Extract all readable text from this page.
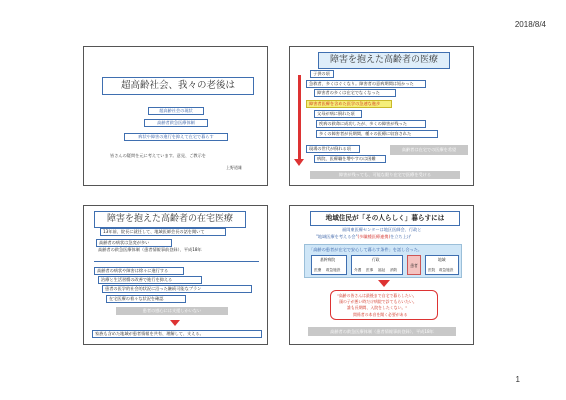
2018/8/4
超高齢社会、我々の老後は
超高齢社会の現状
高齢者救急医療体制
病状や障害の進行を抑えて在宅で暮らす
皆さんの疑問を元に考えています。意見、ご教示を
上野道雄
障害を抱えた高齢者の医療
子供の頃
急救者、多くはぐくなり。障害者の意病期間は短かった
障害者の多くは在宅でなくなった
障害者医療を含めた医学の急速な進歩
父母が病に倒れた頃
疾病の救命に成功したが、多くの障害が残った
多くの障害者が長期間、種々の医療に収容された
現場の世代が倒れる頃
病院、医療職を増やすのは困難
高齢者は在宅での医療を希望
障害が残っても、可能な限り在宅で医療を受ける
障害を抱えた高齢者の在宅医療
13年前、院長に就任して、地域医師会長の話を聞いて
高齢者の病状は急変が多い
高齢者の救急医療体制（患者情報事前登録）、平成18年
高齢者の病状や障害は徐々に進行する
治療と生活習慣の改善で進行を抑える
患者の医学的社会的状況に沿った継続可能なプラン
在宅医療の着々な状況を確認
患者の感心には支援しかいない
家族も含めた地域が患者情報を共有、理解して、支える。
地域住民が「その人らしく」暮らすには
福岡東医療センターは地区医師会、行政と
"地域医療を考える会"(多職種医療連携)を立ち上げ
「高齢の患者が在宅で安心して暮らす条件」を話し合った。
基幹病院
医療 救急施設
行政
介護 医事 福祉 消防
患者
地域
医院 救急施設
"高齢の皆さんは最後まで自宅で暮らしたい。
頭の子が悪い時だけ病院で診てもらいたい。
誰も長期間、入院をしたくない。"
関係者の本音を聞く必要がある
高齢者の救急医療体制（患者情報事前登録）、平成18年
1
